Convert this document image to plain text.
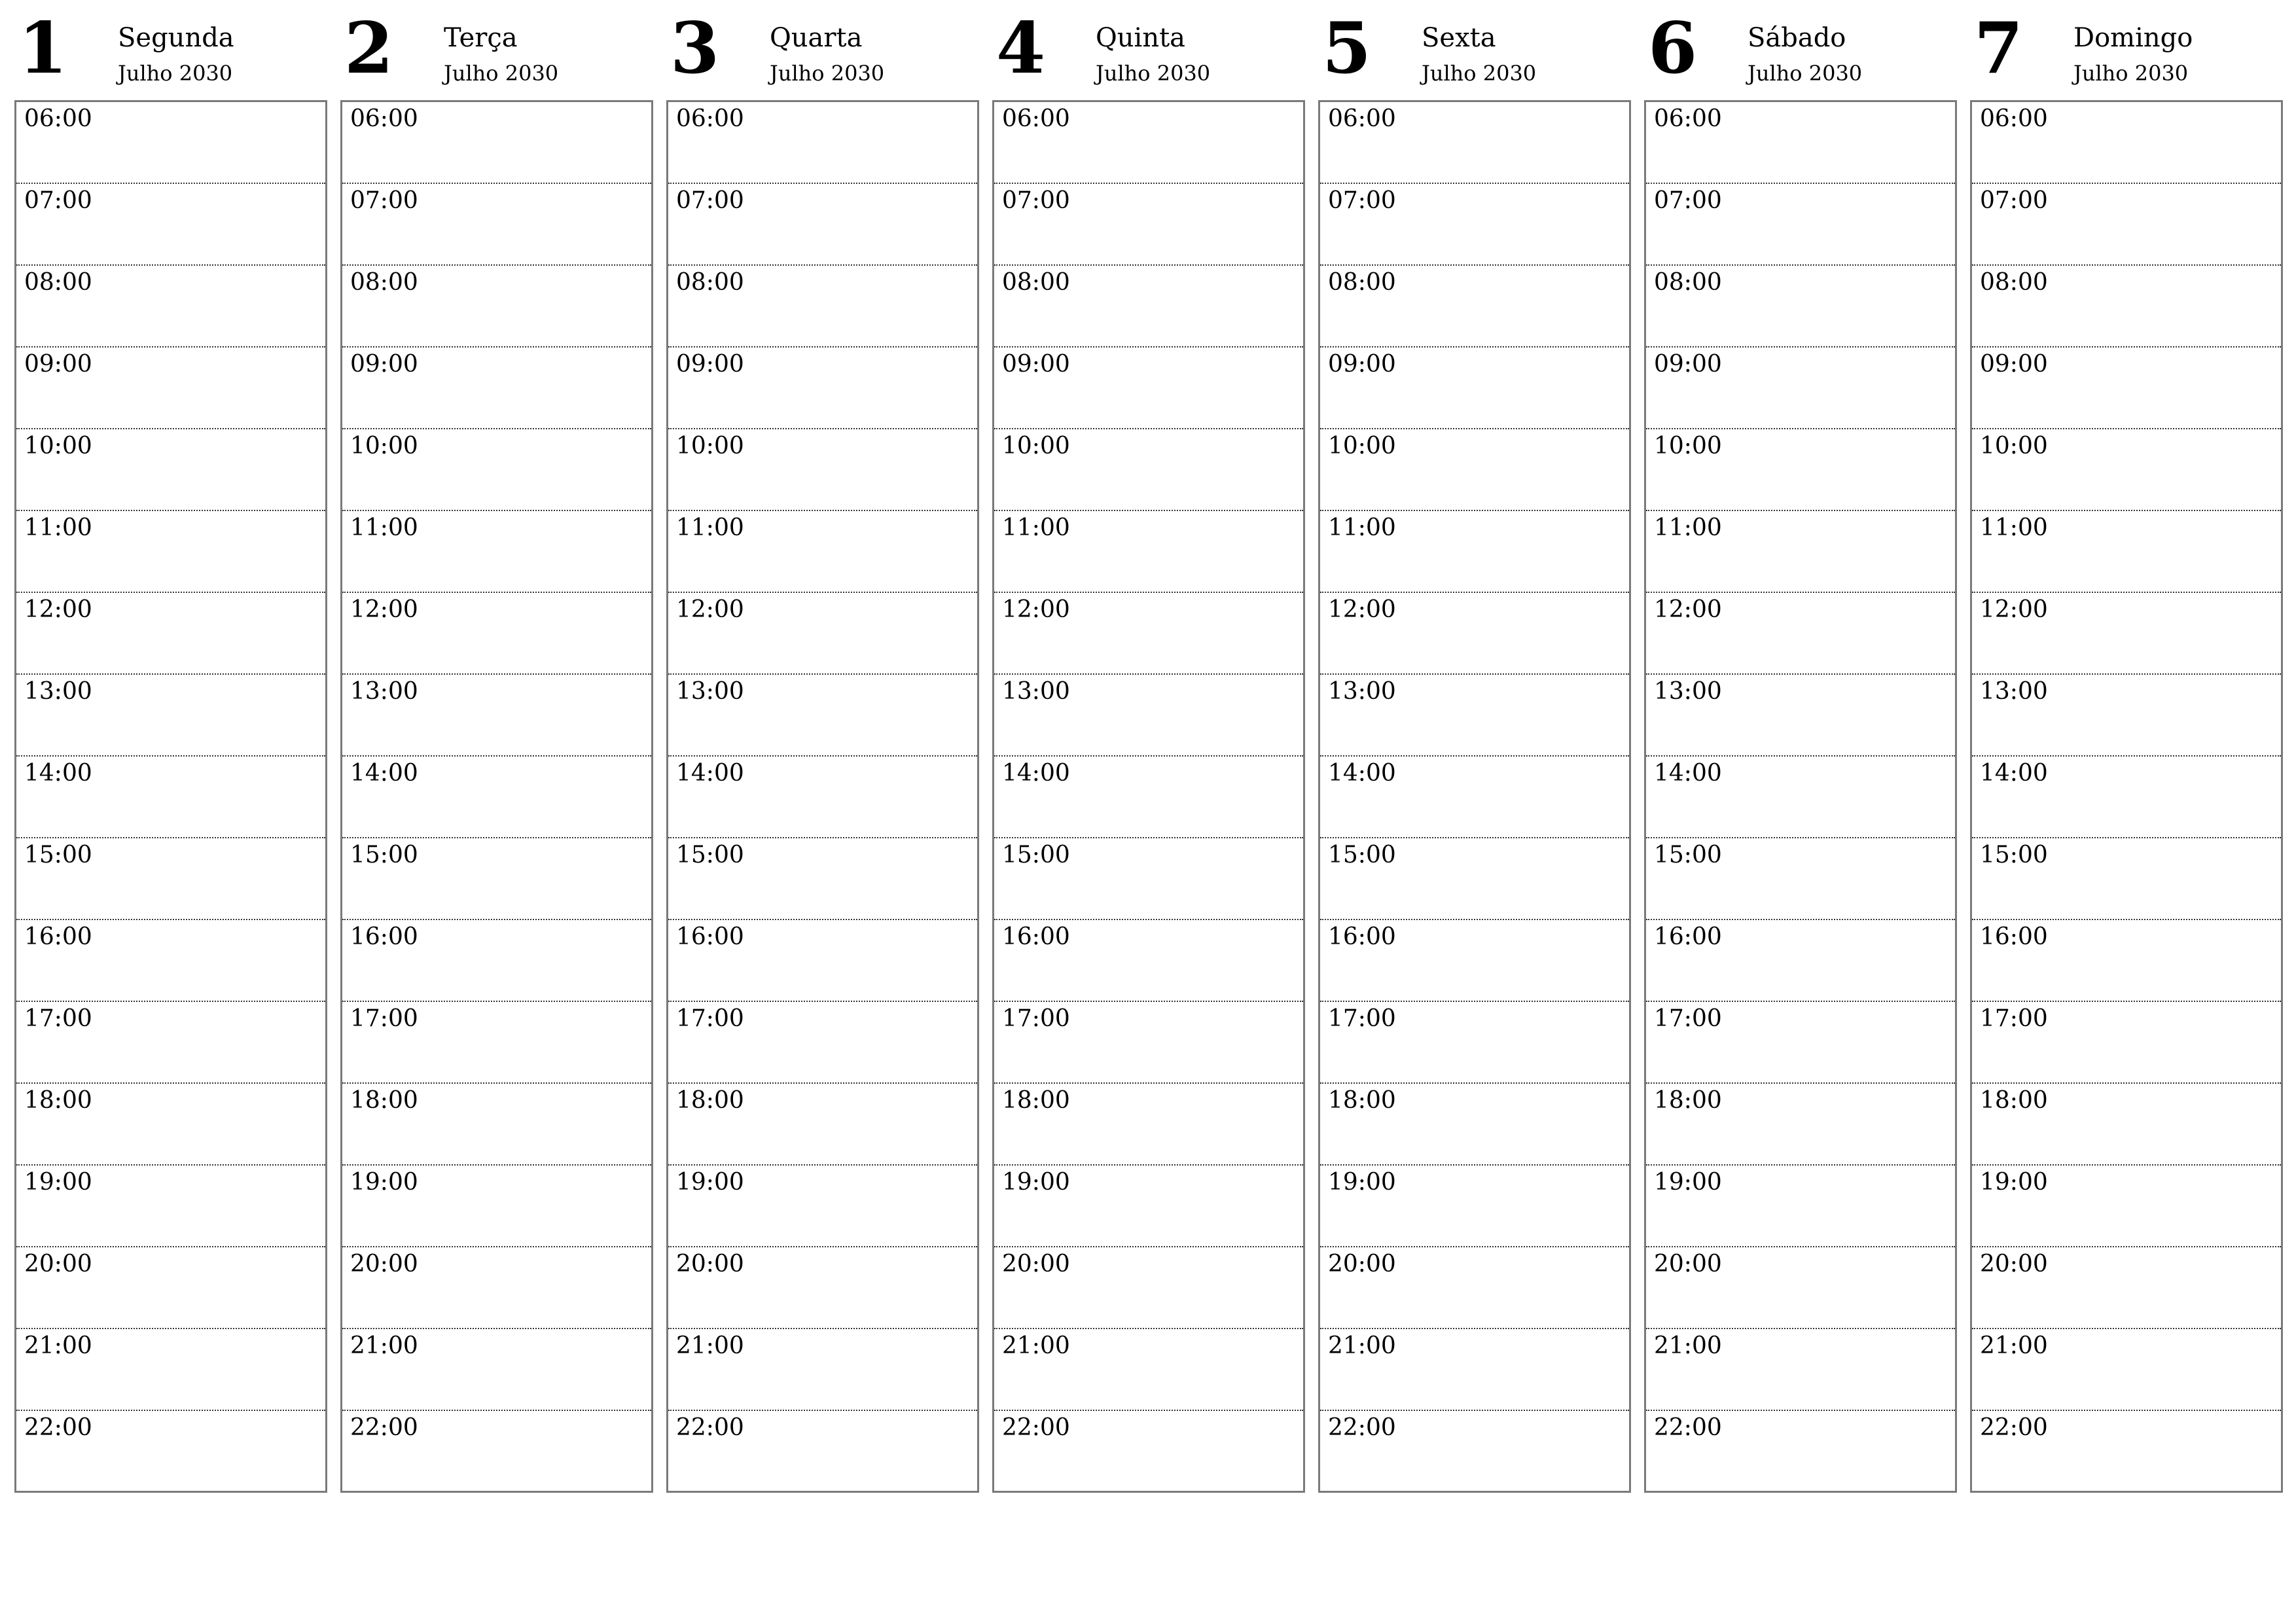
1 Segunda
Julho 2030
06:00
07:00
08:00
09:00
10:00
11:00
12:00
13:00
14:00
15:00
16:00
17:00
18:00
19:00
20:00
21:00
22:00
2 Terça
Julho 2030
06:00
07:00
08:00
09:00
10:00
11:00
12:00
13:00
14:00
15:00
16:00
17:00
18:00
19:00
20:00
21:00
22:00
3 Quarta
Julho 2030
06:00
07:00
08:00
09:00
10:00
11:00
12:00
13:00
14:00
15:00
16:00
17:00
18:00
19:00
20:00
21:00
22:00
4 Quinta
Julho 2030
06:00
07:00
08:00
09:00
10:00
11:00
12:00
13:00
14:00
15:00
16:00
17:00
18:00
19:00
20:00
21:00
22:00
5 Sexta
Julho 2030
06:00
07:00
08:00
09:00
10:00
11:00
12:00
13:00
14:00
15:00
16:00
17:00
18:00
19:00
20:00
21:00
22:00
6 Sábado
Julho 2030
06:00
07:00
08:00
09:00
10:00
11:00
12:00
13:00
14:00
15:00
16:00
17:00
18:00
19:00
20:00
21:00
22:00
7 Domingo
Julho 2030
06:00
07:00
08:00
09:00
10:00
11:00
12:00
13:00
14:00
15:00
16:00
17:00
18:00
19:00
20:00
21:00
22:00
